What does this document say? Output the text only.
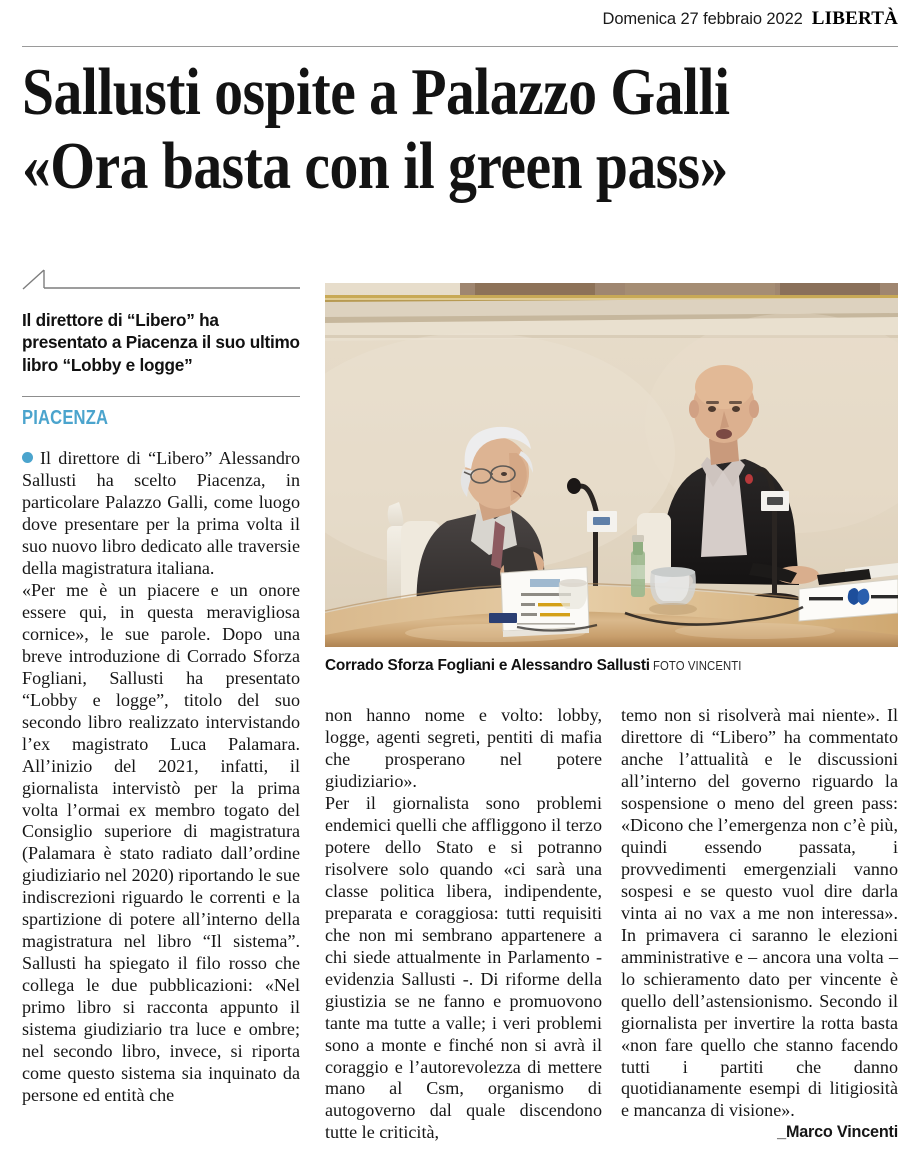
Domenica 27 febbraio 2022 LIBERTÀ
Sallusti ospite a Palazzo Galli
«Ora basta con il green pass»
Il direttore di “Libero” ha presentato a Piacenza il suo ultimo libro “Lobby e logge”
PIACENZA

Il direttore di “Libero” Alessandro Sallusti ha scelto Piacenza, in particolare Palazzo Galli, come luogo dove presentare per la prima volta il suo nuovo libro dedicato alle traversie della magistratura italiana.

«Per me è un piacere e un onore essere qui, in questa meravigliosa cornice», le sue parole. Dopo una breve introduzione di Corrado Sforza Fogliani, Sallusti ha presentato “Lobby e logge”, titolo del suo secondo libro realizzato intervistando l’ex magistrato Luca Palamara. All’inizio del 2021, infatti, il giornalista intervistò per la prima volta l’ormai ex membro togato del Consiglio superiore di magistratura (Palamara è stato radiato dall’ordine giudiziario nel 2020) riportando le sue indiscrezioni riguardo le correnti e la spartizione di potere all’interno della magistratura nel libro “Il sistema”. Sallusti ha spiegato il filo rosso che collega le due pubblicazioni: «Nel primo libro si racconta appunto il sistema giudiziario tra luce e ombre; nel secondo libro, invece, si riporta come questo sistema sia inquinato da persone ed entità che

Corrado Sforza Fogliani e Alessandro Sallusti FOTO VINCENTI

non hanno nome e volto: lobby, logge, agenti segreti, pentiti di mafia che prosperano nel potere giudiziario».

Per il giornalista sono problemi endemici quelli che affliggono il terzo potere dello Stato e si potranno risolvere solo quando «ci sarà una classe politica libera, indipendente, preparata e coraggiosa: tutti requisiti che non mi sembrano appartenere a chi siede attualmente in Parlamento - evidenzia Sallusti -. Di riforme della giustizia se ne fanno e promuovono tante ma tutte a valle; i veri problemi sono a monte e finché non si avrà il coraggio e l’autorevolezza di mettere mano al Csm, organismo di autogoverno dal quale discendono tutte le criticità,

temo non si risolverà mai niente». Il direttore di “Libero” ha commentato anche l’attualità e le discussioni all’interno del governo riguardo la sospensione o meno del green pass: «Dicono che l’emergenza non c’è più, quindi essendo passata, i provvedimenti emergenziali vanno sospesi e se questo vuol dire darla vinta ai no vax a me non interessa». In primavera ci saranno le elezioni amministrative e – ancora una volta – lo schieramento dato per vincente è quello dell’astensionismo. Secondo il giornalista per invertire la rotta basta «non fare quello che stanno facendo tutti i partiti che danno quotidianamente esempi di litigiosità e mancanza di visione».

_Marco Vincenti
